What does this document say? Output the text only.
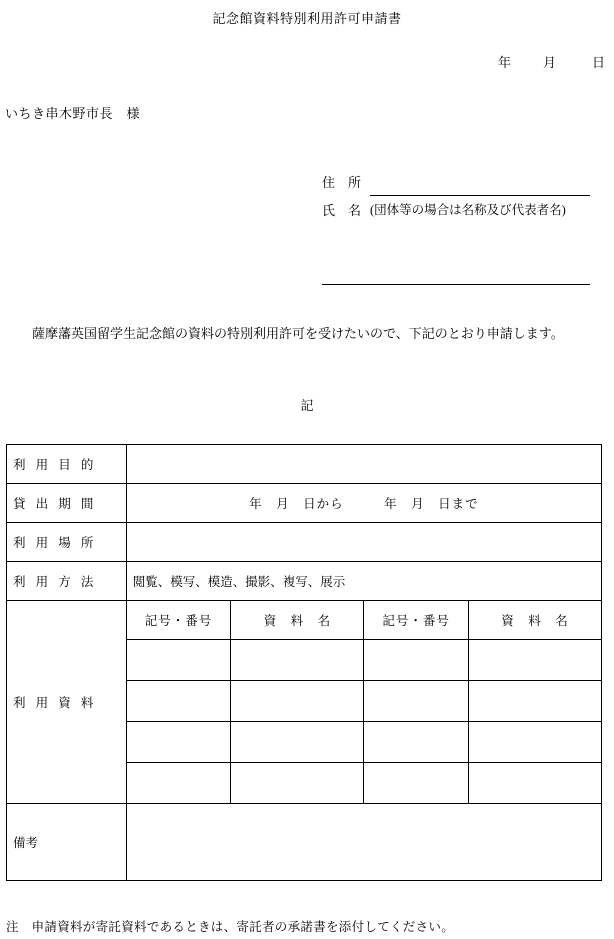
記念館資料特別利用許可申請書
年 月	日
いちき串木野市長　様
住　所
氏　名 (団体等の場合は名称及び代表者名)
　薩摩藩英国留学生記念館の資料の特別利用許可を受けたいので、下記のとおり申請します。
記
利 用 目 的				
貸 出 期 間	年　月　日から　　　年　月　日まで			
利 用 場 所				
利 用 方 法	閲覧、模写、模造、撮影、複写、展示			
利 用 資 料	記号・番号	資　料　名	記号・番号	資　料　名

備考				
注　申請資料が寄託資料であるときは、寄託者の承諾書を添付してください。
